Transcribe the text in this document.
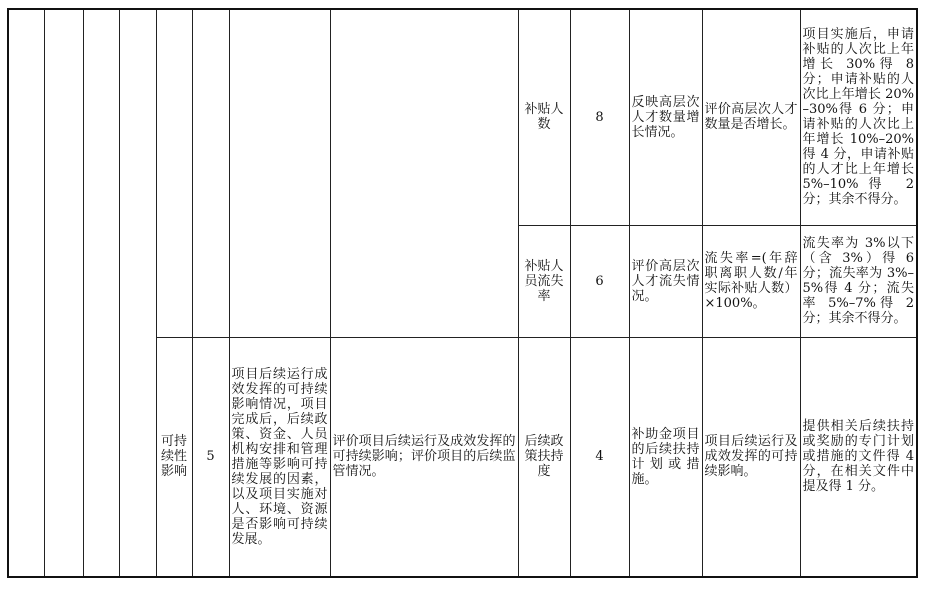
								补贴人数	8	反映高层次人才数量增长情况。	评价高层次人才数量是否增长。	项目实施后，申请补贴的人次比上年增长 30%得 8 分；申请补贴的人次比上年增长 20%–30%得 6 分；申请补贴的人次比上年增长 10%–20% 得 4 分，申请补贴的人才比上年增长 5%–10%得 2 分；其余不得分。
								补贴人员流失率	6	评价高层次人才流失情况。	流失率=(年辞职离职人数/年实际补贴人数）×100%。	流失率为 3%以下（含 3%）得 6 分；流失率为 3%–5%得 4 分；流失率 5%–7%得 2 分；其余不得分。
				可持续性影响	5	项目后续运行成效发挥的可持续影响情况，项目完成后，后续政策、资金、人员机构安排和管理措施等影响可持续发展的因素，以及项目实施对人、环境、资源是否影响可持续发展。	评价项目后续运行及成效发挥的可持续影响；评价项目的后续监管情况。	后续政策扶持度	4	补助金项目的后续扶持计划或措施。	项目后续运行及成效发挥的可持续影响。	提供相关后续扶持或奖励的专门计划或措施的文件得 4 分，在相关文件中提及得 1 分。
